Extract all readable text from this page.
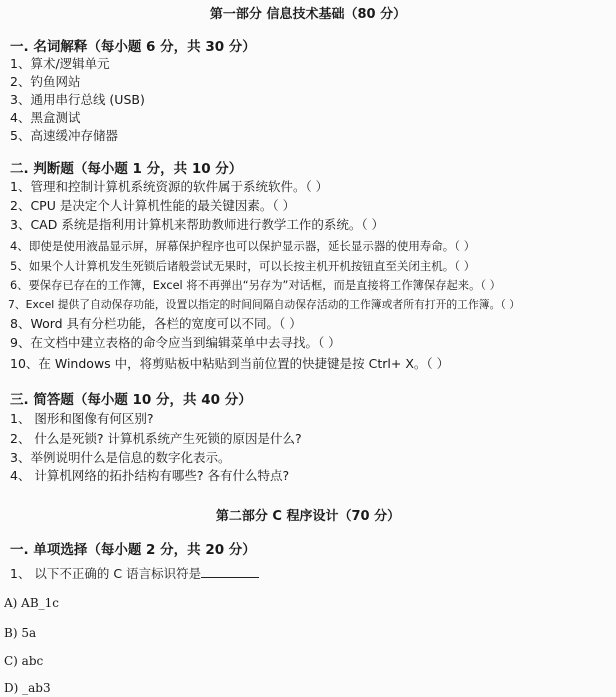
第一部分 信息技术基础（80 分）
一. 名词解释（每小题 6 分，共 30 分）
1、算术/逻辑单元
2、钓鱼网站
3、通用串行总线 (USB)
4、黑盒测试
5、高速缓冲存储器
二. 判断题（每小题 1 分，共 10 分）
1、管理和控制计算机系统资源的软件属于系统软件。（ ）
2、CPU 是决定个人计算机性能的最关键因素。（ ）
3、CAD 系统是指利用计算机来帮助教师进行教学工作的系统。（ ）
4、即使是使用液晶显示屏，屏幕保护程序也可以保护显示器，延长显示器的使用寿命。（ ）
5、如果个人计算机发生死锁后诸般尝试无果时，可以长按主机开机按钮直至关闭主机。（ ）
6、要保存已存在的工作簿，Excel 将不再弹出“另存为”对话框，而是直接将工作簿保存起来。（ ）
7、Excel 提供了自动保存功能，设置以指定的时间间隔自动保存活动的工作簿或者所有打开的工作簿。（ ）
8、Word 具有分栏功能，各栏的宽度可以不同。（ ）
9、在文档中建立表格的命令应当到编辑菜单中去寻找。（ ）
10、在 Windows 中，将剪贴板中粘贴到当前位置的快捷键是按 Ctrl+ X。（ ）
三. 简答题（每小题 10 分，共 40 分）
1、 图形和图像有何区别?
2、 什么是死锁? 计算机系统产生死锁的原因是什么?
3、举例说明什么是信息的数字化表示。
4、 计算机网络的拓扑结构有哪些? 各有什么特点?
第二部分 C 程序设计（70 分）
一. 单项选择（每小题 2 分，共 20 分）
1、 以下不正确的 C 语言标识符是
A) AB_1c
B) 5a
C) abc
D) _ab3
